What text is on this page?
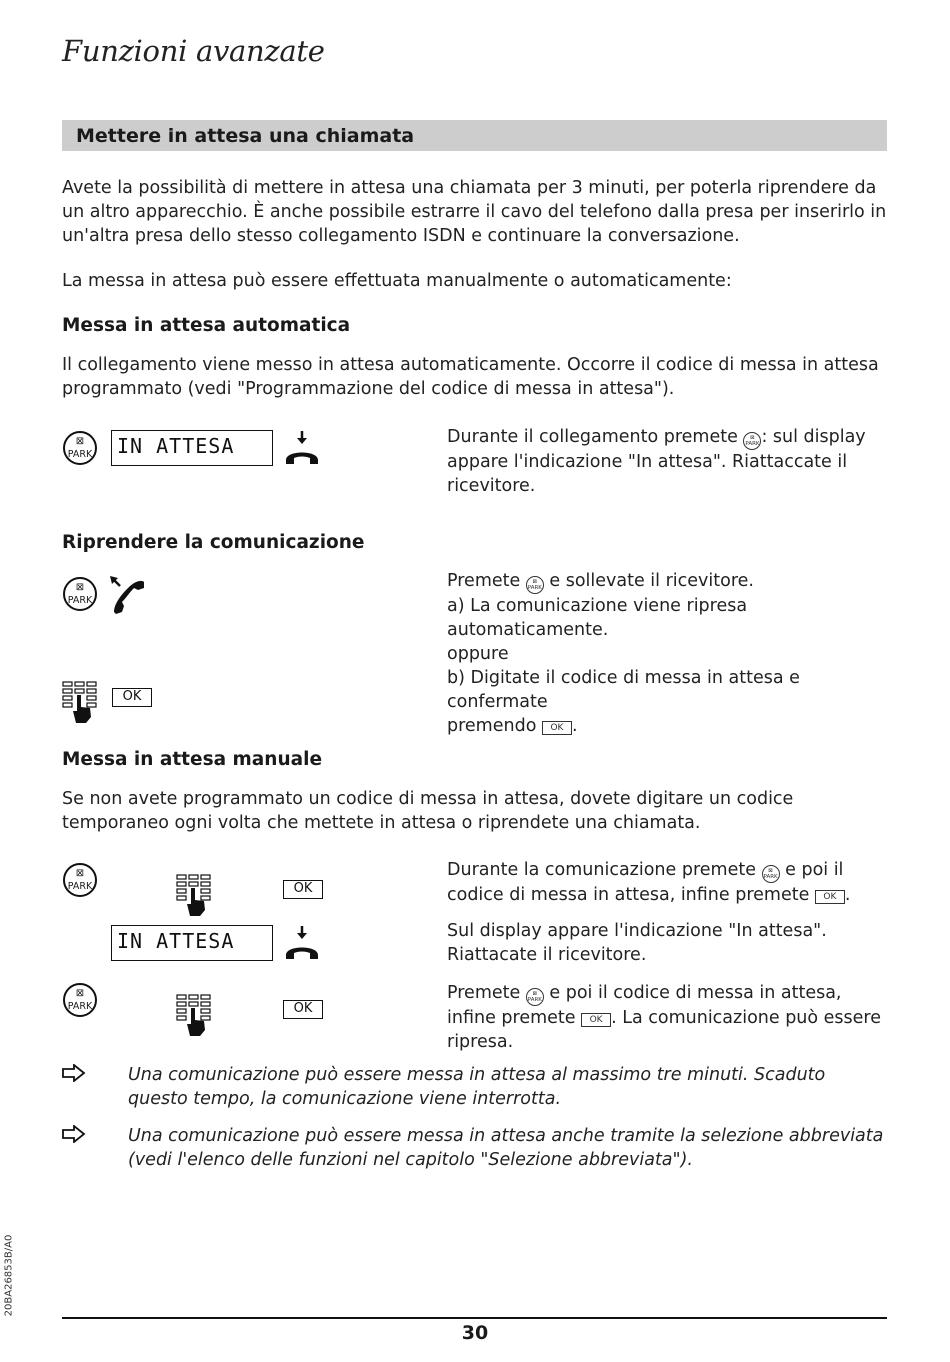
Funzioni avanzate
Mettere in attesa una chiamata
Avete la possibilità di mettere in attesa una chiamata per 3 minuti, per poterla riprendere da un altro apparecchio. È anche possibile estrarre il cavo del telefono dalla presa per inserirlo in un'altra presa dello stesso collegamento ISDN e continuare la conversazione.
La messa in attesa può essere effettuata manualmente o automaticamente:
Messa in attesa automatica
Il collegamento viene messo in attesa automaticamente. Occorre il codice di messa in attesa programmato (vedi "Programmazione del codice di messa in attesa").
⊠
PARK	IN ATTESA	Durante il collegamento premete ⊠
PARK : sul display appare l'indicazione "In attesa". Riattaccate il ricevitore.
Riprendere la comunicazione
⊠
PARK
OK
Premete ⊠
PARK e sollevate il ricevitore.
a) La comunicazione viene ripresa
automaticamente.
oppure
b) Digitate il codice di messa in attesa e confermate
premendo OK .
Messa in attesa manuale
Se non avete programmato un codice di messa in attesa, dovete digitare un codice temporaneo ogni volta che mettete in attesa o riprendete una chiamata.
⊠
PARK	OK
IN ATTESA
⊠
PARK	OK
Durante la comunicazione premete ⊠
PARK e poi il codice di messa in attesa, infine premete OK .
Sul display appare l'indicazione "In attesa". Riattacate il ricevitore.
Premete ⊠
PARK e poi il codice di messa in attesa, infine premete OK . La comunicazione può essere ripresa.
Una comunicazione può essere messa in attesa al massimo tre minuti. Scaduto questo tempo, la comunicazione viene interrotta.
Una comunicazione può essere messa in attesa anche tramite la selezione abbreviata (vedi l'elenco delle funzioni nel capitolo "Selezione abbreviata").
20BA26853B/A0
30
